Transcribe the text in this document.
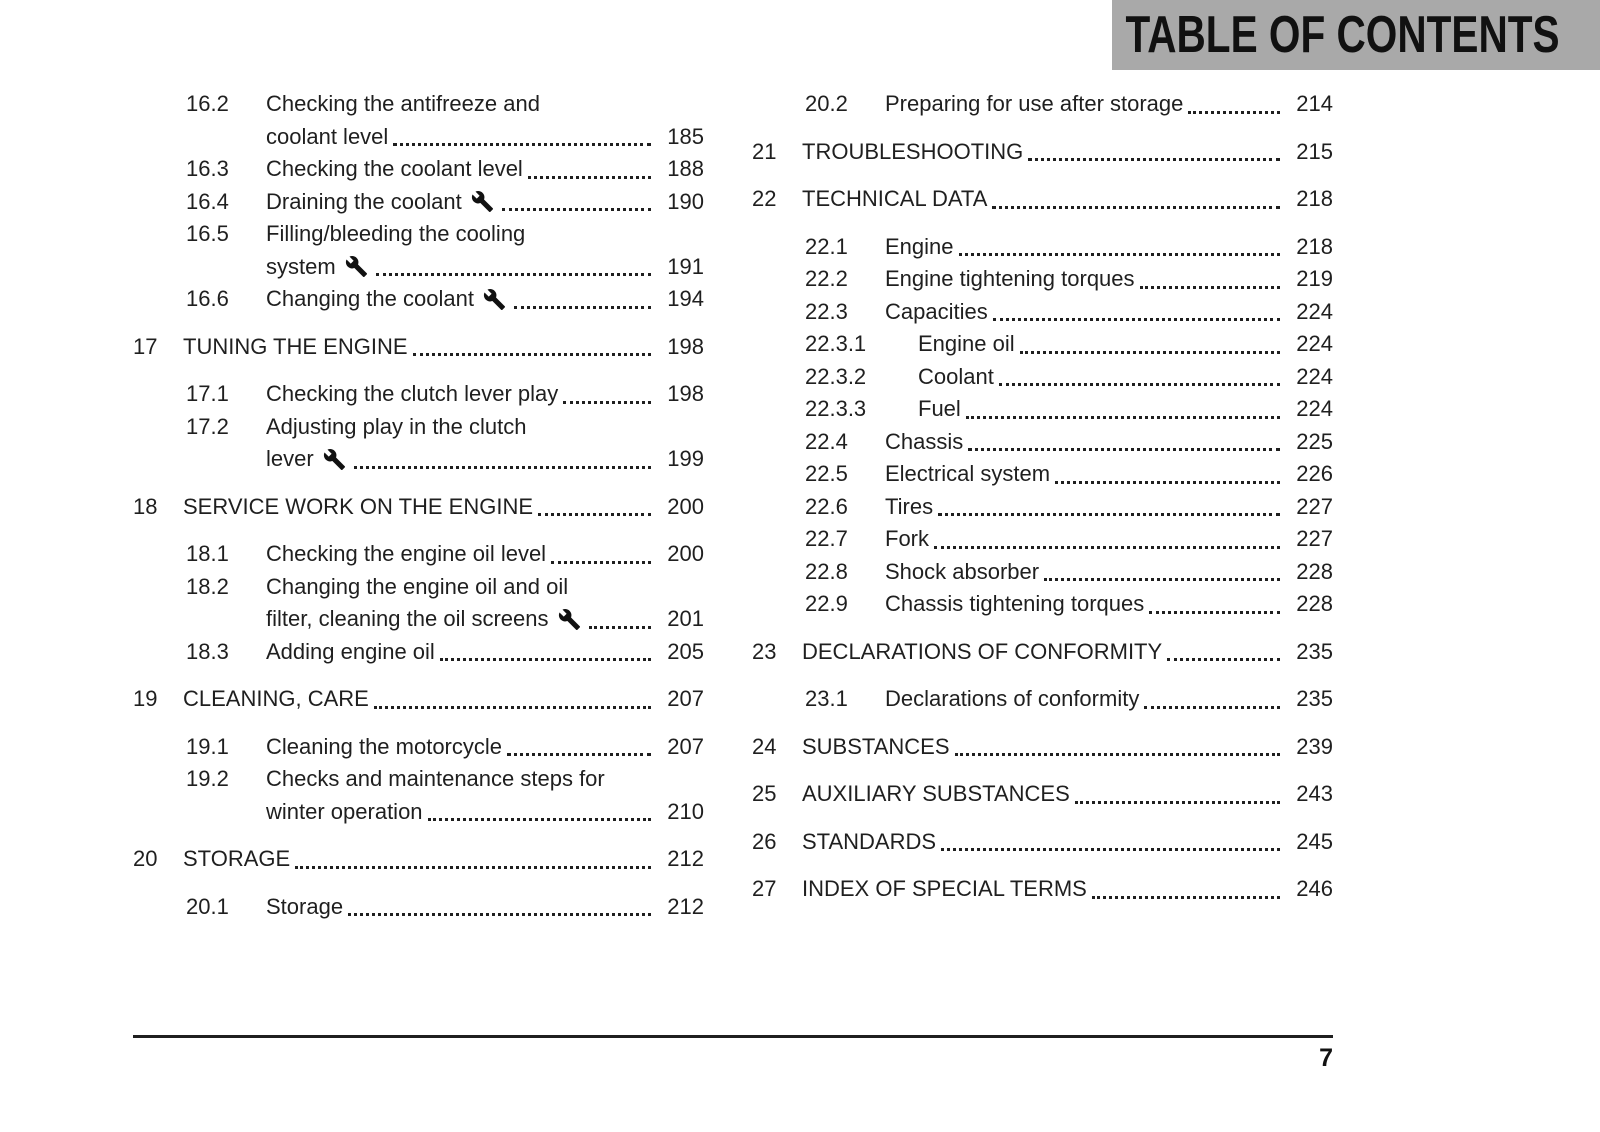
TABLE OF CONTENTS
16.2	Checking the antifreeze and
coolant level	185
16.3	Checking the coolant level	188
16.4	Draining the coolant	190
16.5	Filling/bleeding the cooling
system	191
16.6	Changing the coolant	194
17	TUNING THE ENGINE	198
17.1	Checking the clutch lever play	198
17.2	Adjusting play in the clutch
lever	199
18	SERVICE WORK ON THE ENGINE	200
18.1	Checking the engine oil level	200
18.2	Changing the engine oil and oil
filter, cleaning the oil screens	201
18.3	Adding engine oil	205
19	CLEANING, CARE	207
19.1	Cleaning the motorcycle	207
19.2	Checks and maintenance steps for
winter operation	210
20	STORAGE	212
20.1	Storage	212
20.2	Preparing for use after storage	214
21	TROUBLESHOOTING	215
22	TECHNICAL DATA	218
22.1	Engine	218
22.2	Engine tightening torques	219
22.3	Capacities	224
22.3.1	Engine oil	224
22.3.2	Coolant	224
22.3.3	Fuel	224
22.4	Chassis	225
22.5	Electrical system	226
22.6	Tires	227
22.7	Fork	227
22.8	Shock absorber	228
22.9	Chassis tightening torques	228
23	DECLARATIONS OF CONFORMITY	235
23.1	Declarations of conformity	235
24	SUBSTANCES	239
25	AUXILIARY SUBSTANCES	243
26	STANDARDS	245
27	INDEX OF SPECIAL TERMS	246
7
